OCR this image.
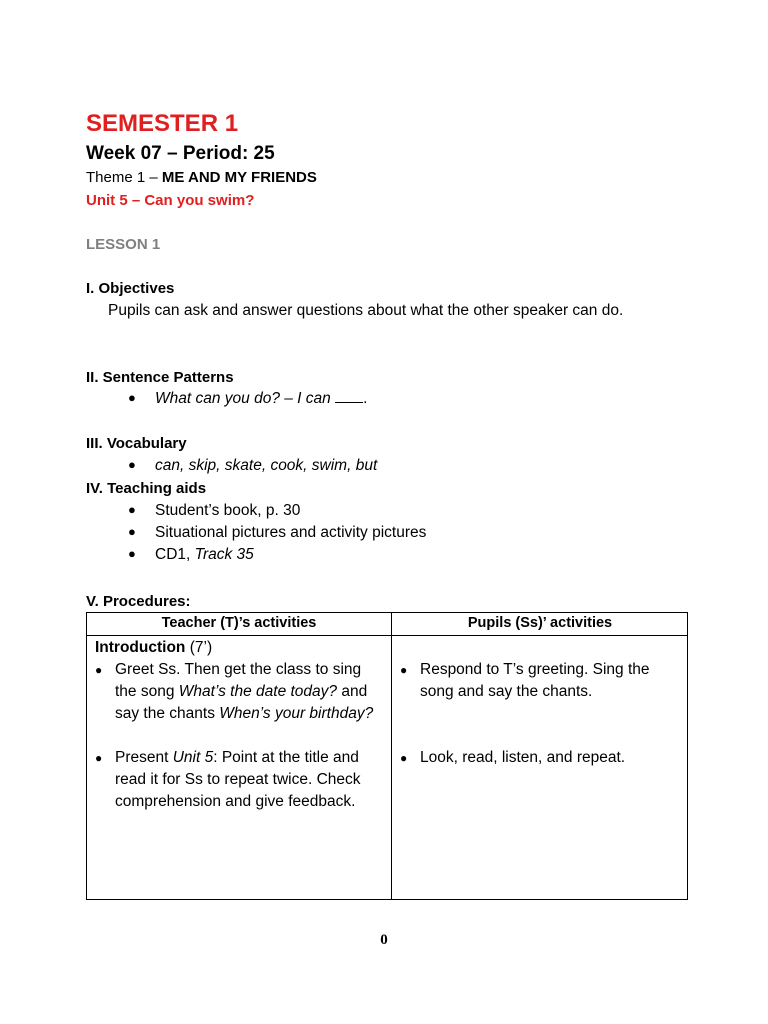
SEMESTER 1
Week 07 – Period: 25
Theme 1 – ME AND MY FRIENDS
Unit 5 – Can you swim?
LESSON 1
I. Objectives
Pupils can ask and answer questions about what the other speaker can do.
II. Sentence Patterns
● What can you do? – I can .
III. Vocabulary
● can, skip, skate, cook, swim, but
IV. Teaching aids
● Student’s book, p. 30
● Situational pictures and activity pictures
● CD1, Track 35
V. Procedures:
Teacher (T)’s activities	Pupils (Ss)’ activities
Introduction (7’)
● Greet Ss. Then get the class to sing the song What’s the date today? and say the chants When’s your birthday?
● Present Unit 5: Point at the title and read it for Ss to repeat twice. Check comprehension and give feedback.
● Respond to T’s greeting. Sing the song and say the chants.
● Look, read, listen, and repeat.
0
